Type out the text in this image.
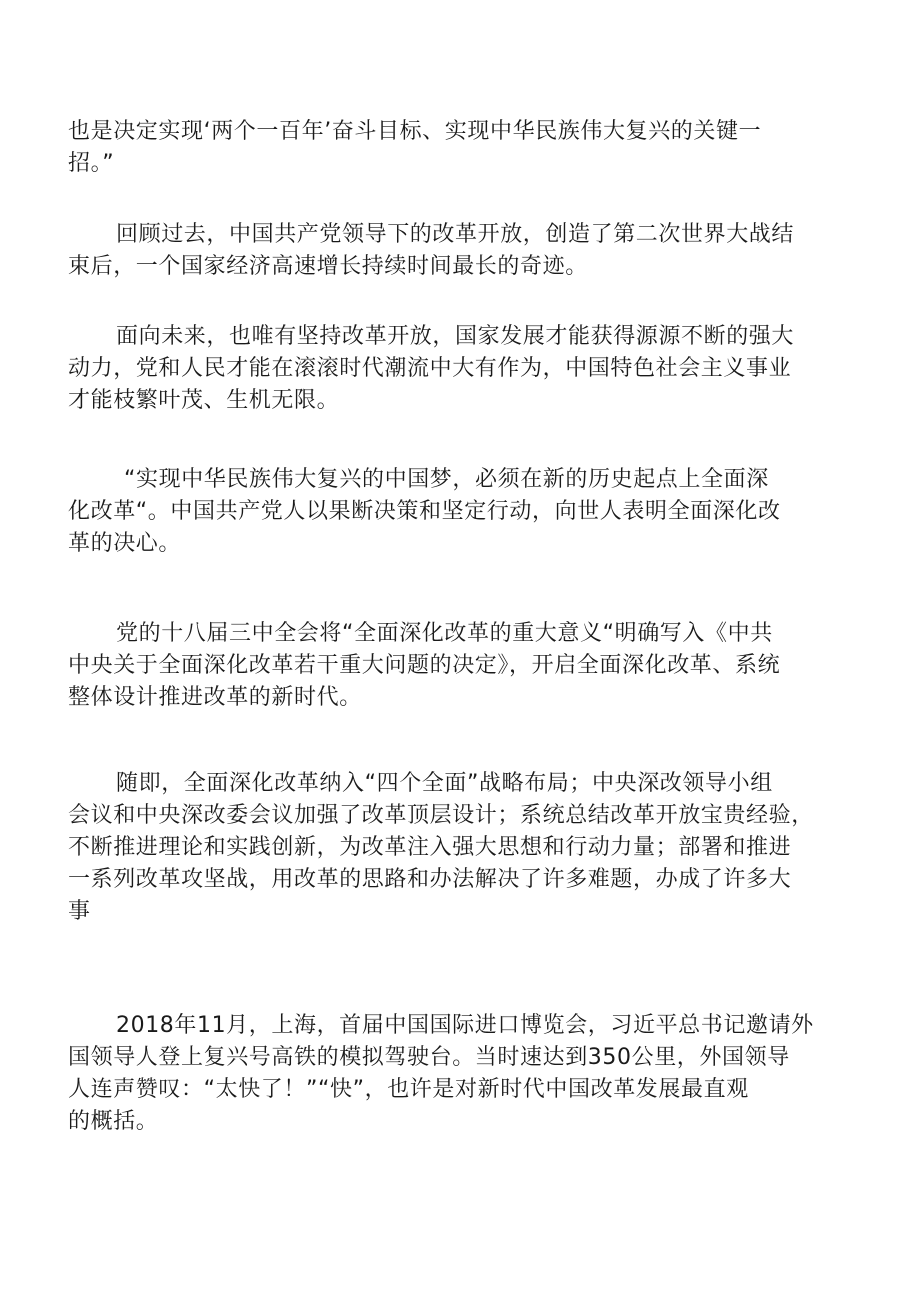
也是决定实现‘两个一百年’奋斗目标、实现中华民族伟大复兴的关键一
招。”
回顾过去，中国共产党领导下的改革开放，创造了第二次世界大战结
束后，一个国家经济高速增长持续时间最长的奇迹。
面向未来，也唯有坚持改革开放，国家发展才能获得源源不断的强大
动力，党和人民才能在滚滚时代潮流中大有作为，中国特色社会主义事业
才能枝繁叶茂、生机无限。
“实现中华民族伟大复兴的中国梦，必须在新的历史起点上全面深
化改革“。中国共产党人以果断决策和坚定行动，向世人表明全面深化改
革的决心。
党的十八届三中全会将“全面深化改革的重大意义“明确写入《中共
中央关于全面深化改革若干重大问题的决定》，开启全面深化改革、系统
整体设计推进改革的新时代。
随即，全面深化改革纳入“四个全面”战略布局；中央深改领导小组
会议和中央深改委会议加强了改革顶层设计；系统总结改革开放宝贵经验，
不断推进理论和实践创新，为改革注入强大思想和行动力量；部署和推进
一系列改革攻坚战，用改革的思路和办法解决了许多难题，办成了许多大
事
2018年11月，上海，首届中国国际进口博览会，习近平总书记邀请外
国领导人登上复兴号高铁的模拟驾驶台。当时速达到350公里，外国领导
人连声赞叹：“太快了！”“快”，也许是对新时代中国改革发展最直观
的概括。
